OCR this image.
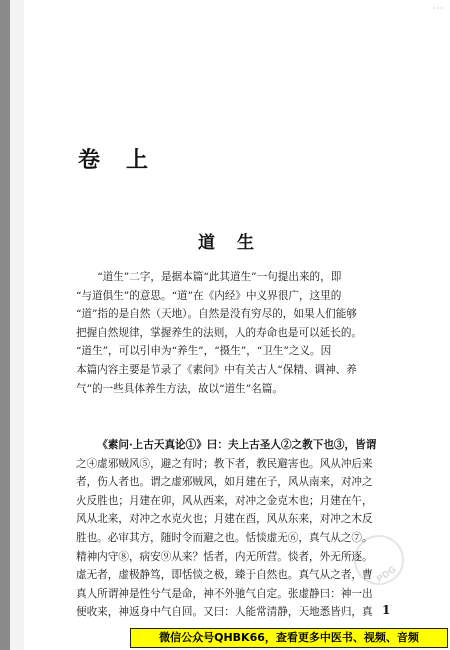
···
卷上
道生
“道生”二字，是据本篇“此其道生”一句提出来的，即
“与道俱生”的意思。“道”在《内经》中义界很广，这里的
“道”指的是自然（天地）。自然是没有穷尽的，如果人们能够
把握自然规律，掌握养生的法则，人的寿命也是可以延长的。
“道生”，可以引申为“养生”，“摄生”，“卫生”之义。因
本篇内容主要是节录了《素问》中有关古人“保精、调神、养
气”的一些具体养生方法，故以“道生”名篇。
《素问·上古天真论①》曰：夫上古圣人②之教下也③，皆谓
之④虚邪贼风⑤，避之有时；教下者，教民避害也。风从冲后来
者，伤人者也。谓之虚邪贼风，如月建在子，风从南来，对冲之
火反胜也；月建在卯，风从西来，对冲之金克木也；月建在午，
风从北来，对冲之水克火也；月建在酉，风从东来，对冲之木反
胜也。必审其方，随时令而避之也。恬惔虚无⑥，真气从之⑦。
精神内守⑧，病安⑨从来？恬者，内无所营。惔者，外无所逐。
虚无者，虚极静笃，即恬惔之极，臻于自然也。真气从之者，曹
真人所谓神是性兮气是命，神不外驰气自定。张虚静曰：神一出
便收来，神返身中气自回。又曰：人能常清静，天地悉皆归，真
PDG
1
微信公众号QHBK66，查看更多中医书、视频、音频
